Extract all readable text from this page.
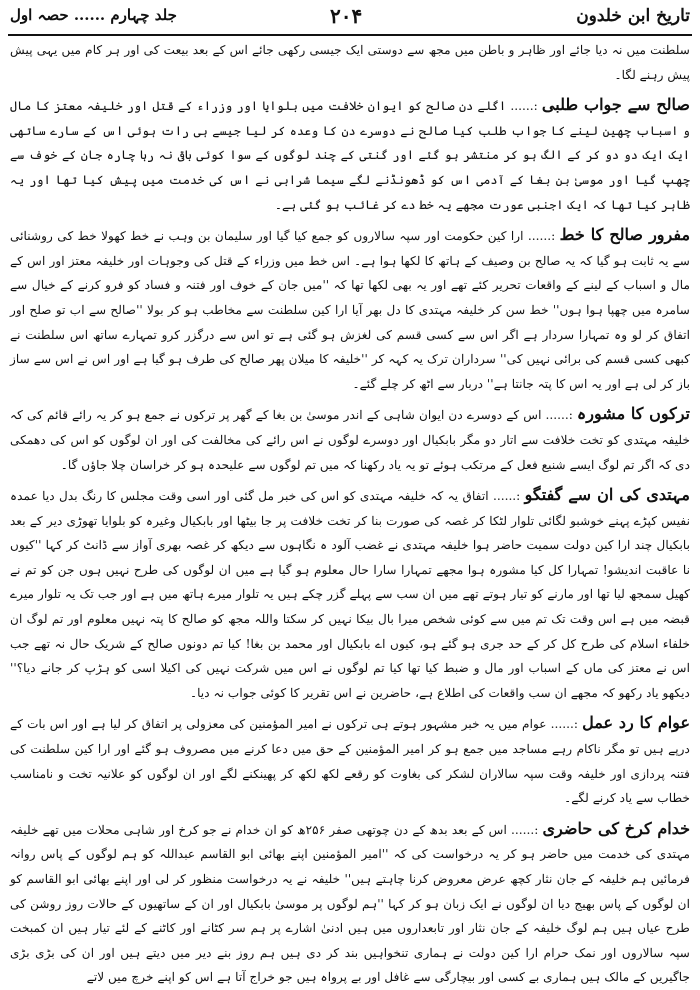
تاریخ ابن خلدون
۲۰۴
جلد چہارم ...... حصہ اول

سلطنت میں نہ دیا جائے اور ظاہر و باطن میں مجھ سے دوستی ایک جیسی رکھی جائے اس کے بعد بیعت کی اور ہر کام میں یہی پیش پیش رہنے لگا۔

صالح سے جواب طلبی :...... اگلے دن صالح کو ایوان خلافت میں بلوایا اور وزراء کے قتل اور خلیفہ معتز کا مال و اسباب چھین لینے کا جواب طلب کیا صالح نے دوسرے دن کا وعدہ کر لیا جیسے ہی رات ہوئی اس کے سارے ساتھی ایک ایک دو دو کر کے الگ ہو کر منتشر ہو گئے اور گنتی کے چند لوگوں کے سوا کوئی باقی نہ رہا چارہ جان کے خوف سے چھپ گیا اور موسیٰ بن بغا کے آدمی اس کو ڈھونڈنے لگے سیما شرابی نے اس کی خدمت میں پیش کیا تھا اور یہ ظاہر کیا تھا کہ ایک اجنبی عورت مجھے یہ خط دے کر غائب ہو گئی ہے۔

مفرور صالح کا خط :...... ارا کین حکومت اور سپہ سالاروں کو جمع کیا گیا اور سلیمان بن وہب نے خط کھولا خط کی روشنائی سے یہ ثابت ہو گیا کہ یہ صالح بن وصیف کے ہاتھ کا لکھا ہوا ہے۔ اس خط میں وزراء کے قتل کی وجوہات اور خلیفہ معتز اور اس کے مال و اسباب کے لینے کے واقعات تحریر کئے تھے اور یہ بھی لکھا تھا کہ ''میں جان کے خوف اور فتنہ و فساد کو فرو کرنے کے خیال سے سامرہ میں چھپا ہوا ہوں'' خط سن کر خلیفہ مہتدی کا دل بھر آیا ارا کین سلطنت سے مخاطب ہو کر بولا ''صالح سے اب تو صلح اور اتفاق کر لو وہ تمہارا سردار ہے اگر اس سے کسی قسم کی لغزش ہو گئی ہے تو اس سے درگزر کرو تمہارے ساتھ اس سلطنت نے کبھی کسی قسم کی برائی نہیں کی'' سرداران ترک یہ کہہ کر ''خلیفہ کا میلان پھر صالح کی طرف ہو گیا ہے اور اس نے اس سے ساز باز کر لی ہے اور یہ اس کا پتہ جانتا ہے'' دربار سے اٹھ کر چلے گئے۔

ترکوں کا مشورہ :...... اس کے دوسرے دن ایوان شاہی کے اندر موسیٰ بن بغا کے گھر پر ترکوں نے جمع ہو کر یہ رائے قائم کی کہ خلیفہ مہتدی کو تخت خلافت سے اتار دو مگر بابکیال اور دوسرے لوگوں نے اس رائے کی مخالفت کی اور ان لوگوں کو اس کی دھمکی دی کہ اگر تم لوگ ایسے شنیع فعل کے مرتکب ہوئے تو یہ یاد رکھنا کہ میں تم لوگوں سے علیحدہ ہو کر خراسان چلا جاؤں گا۔

مہتدی کی ان سے گفتگو :...... اتفاق یہ کہ خلیفہ مہتدی کو اس کی خبر مل گئی اور اسی وقت مجلس کا رنگ بدل دیا عمدہ نفیس کپڑے پہنے خوشبو لگائی تلوار لٹکا کر غصہ کی صورت بنا کر تخت خلافت پر جا بیٹھا اور بابکیال وغیرہ کو بلوایا تھوڑی دیر کے بعد بابکیال چند ارا کین دولت سمیت حاضر ہوا خلیفہ مہتدی نے غضب آلود ہ نگاہوں سے دیکھ کر غصہ بھری آواز سے ڈانٹ کر کہا ''کیوں نا عاقبت اندیشو! تمہارا کل کیا مشورہ ہوا مجھے تمہارا سارا حال معلوم ہو گیا ہے میں ان لوگوں کی طرح نہیں ہوں جن کو تم نے کھیل سمجھ لیا تھا اور مارنے کو تیار ہوتے تھے میں ان سب سے پہلے گزر چکے ہیں یہ تلوار میرے ہاتھ میں ہے اور جب تک یہ تلوار میرے قبضہ میں ہے اس وقت تک تم میں سے کوئی شخص میرا بال بیکا نہیں کر سکتا واللہ مجھ کو صالح کا پتہ نہیں معلوم اور تم لوگ ان خلفاء اسلام کی طرح کل کر کے حد جری ہو گئے ہو، کیوں اے بابکیال اور محمد بن بغا! کیا تم دونوں صالح کے شریک حال نہ تھے جب اس نے معتز کی ماں کے اسباب اور مال و ضبط کیا تھا کیا تم لوگوں نے اس میں شرکت نہیں کی اکیلا اسی کو ہڑپ کر جانے دیا؟'' دیکھو یاد رکھو کہ مجھے ان سب واقعات کی اطلاع ہے، حاضرین نے اس تقریر کا کوئی جواب نہ دیا۔

عوام کا رد عمل :...... عوام میں یہ خبر مشہور ہوتے ہی ترکوں نے امیر المؤمنین کی معزولی پر اتفاق کر لیا ہے اور اس بات کے درپے ہیں تو مگر ناکام رہے مساجد میں جمع ہو کر امیر المؤمنین کے حق میں دعا کرنے میں مصروف ہو گئے اور ارا کین سلطنت کی فتنہ پردازی اور خلیفہ وقت سپہ سالاران لشکر کی بغاوت کو رقعے لکھ لکھ کر پھینکنے لگے اور ان لوگوں کو علانیہ تخت و نامناسب خطاب سے یاد کرنے لگے۔

خدام کرخ کی حاضری :...... اس کے بعد بدھ کے دن چوتھی صفر ۲۵۶ھ کو ان خدام نے جو کرخ اور شاہی محلات میں تھے خلیفہ مہتدی کی خدمت میں حاضر ہو کر یہ درخواست کی کہ ''امیر المؤمنین اپنے بھائی ابو القاسم عبداللہ کو ہم لوگوں کے پاس روانہ فرمائیں ہم خلیفہ کے جان نثار کچھ عرض معروض کرنا چاہتے ہیں'' خلیفہ نے یہ درخواست منظور کر لی اور اپنے بھائی ابو القاسم کو ان لوگوں کے پاس بھیج دیا ان لوگوں نے ایک زبان ہو کر کہا ''ہم لوگوں پر موسیٰ بابکیال اور ان کے ساتھیوں کے حالات روز روشن کی طرح عیاں ہیں ہم لوگ خلیفہ کے جان نثار اور تابعداروں میں ہیں ادنیٰ اشارے پر ہم سر کٹانے اور کاٹنے کے لئے تیار ہیں ان کمبخت سپہ سالاروں اور نمک حرام ارا کین دولت نے ہماری تنخواہیں بند کر دی ہیں ہم روز بنے دیر میں دیتے ہیں اور ان کی بڑی بڑی جاگیریں کے مالک ہیں ہماری بے کسی اور بیچارگی سے غافل اور بے پرواہ ہیں جو خراج آتا ہے اس کو اپنے خرچ میں لاتے
